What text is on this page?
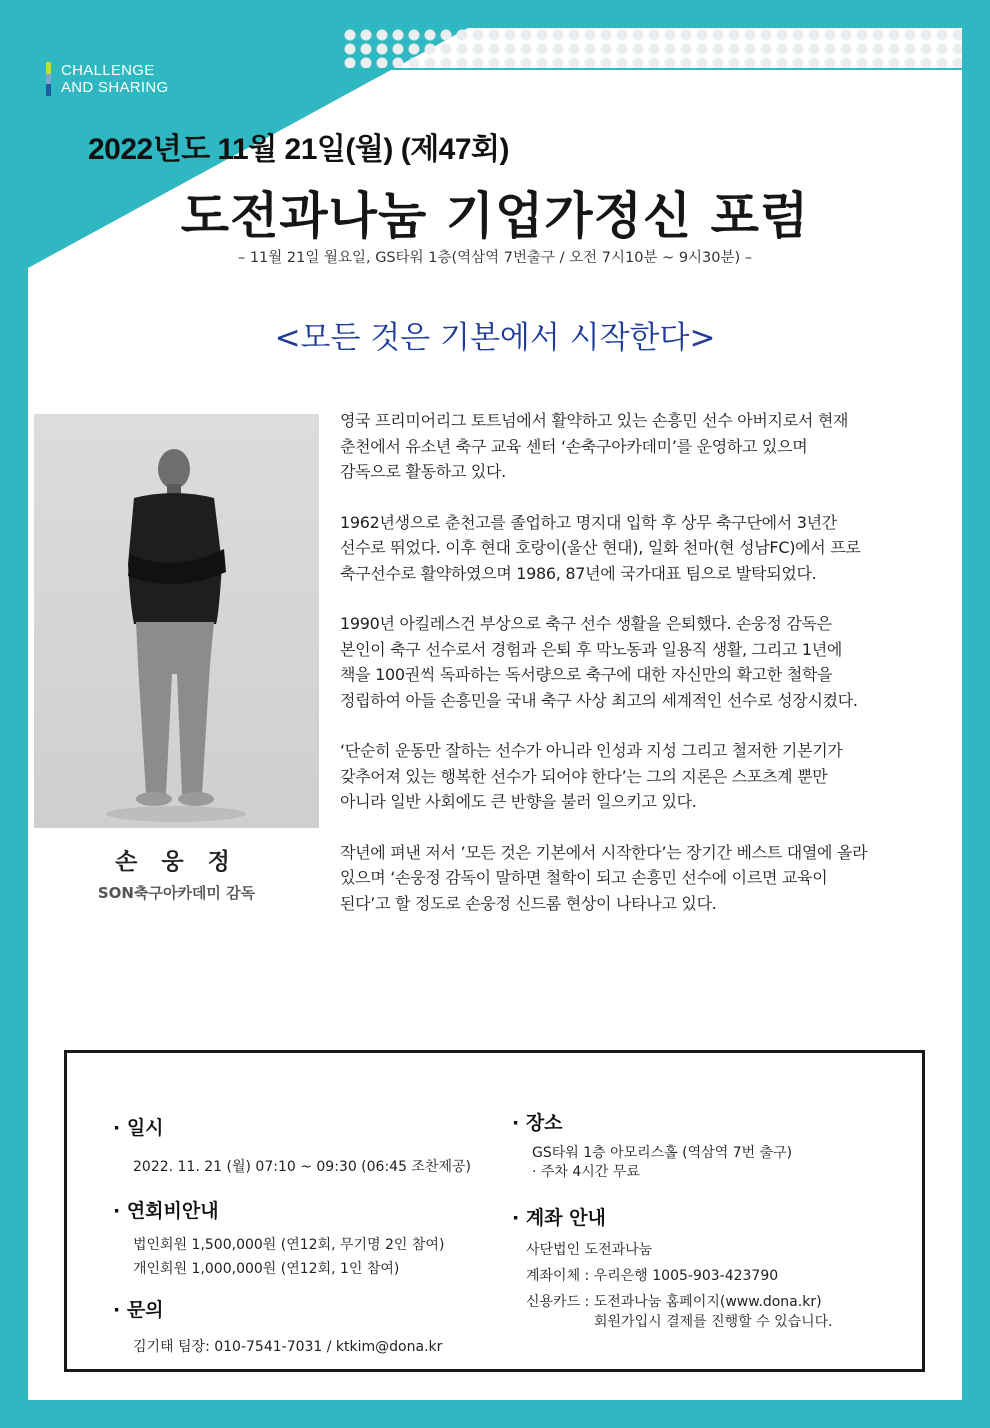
CHALLENGE
AND SHARING
2022년도 11월 21일(월) (제47회)
도전과나눔 기업가정신 포럼
– 11월 21일 월요일, GS타워 1층(역삼역 7번출구 / 오전 7시10분 ~ 9시30분) –
<모든 것은 기본에서 시작한다>
손 웅 정
SON축구아카데미 감독

영국 프리미어리그 토트넘에서 활약하고 있는 손흥민 선수 아버지로서 현재
춘천에서 유소년 축구 교육 센터 ‘손축구아카데미’를 운영하고 있으며
감독으로 활동하고 있다.

1962년생으로 춘천고를 졸업하고 명지대 입학 후 상무 축구단에서 3년간
선수로 뛰었다. 이후 현대 호랑이(울산 현대), 일화 천마(현 성남FC)에서 프로
축구선수로 활약하였으며 1986, 87년에 국가대표 팀으로 발탁되었다.

1990년 아킬레스건 부상으로 축구 선수 생활을 은퇴했다. 손웅정 감독은
본인이 축구 선수로서 경험과 은퇴 후 막노동과 일용직 생활, 그리고 1년에
책을 100권씩 독파하는 독서량으로 축구에 대한 자신만의 확고한 철학을
정립하여 아들 손흥민을 국내 축구 사상 최고의 세계적인 선수로 성장시켰다.

‘단순히 운동만 잘하는 선수가 아니라 인성과 지성 그리고 철저한 기본기가
갖추어져 있는 행복한 선수가 되어야 한다’는 그의 지론은 스포츠계 뿐만
아니라 일반 사회에도 큰 반향을 불러 일으키고 있다.

작년에 펴낸 저서 ’모든 것은 기본에서 시작한다’는 장기간 베스트 대열에 올라
있으며 ‘손웅정 감독이 말하면 철학이 되고 손흥민 선수에 이르면 교육이
된다’고 할 정도로 손웅정 신드롬 현상이 나타나고 있다.

· 일시
2022. 11. 21 (월) 07:10 ~ 09:30 (06:45 조찬제공)
· 연회비안내
법인회원 1,500,000원 (연12회, 무기명 2인 참여)
개인회원 1,000,000원 (연12회, 1인 참여)
· 문의
김기태 팀장: 010-7541-7031 / ktkim@dona.kr
· 장소
GS타워 1층 아모리스홀 (역삼역 7번 출구)
· 주차 4시간 무료
· 계좌 안내
사단법인 도전과나눔
계좌이체 : 우리은행 1005-903-423790
신용카드 : 도전과나눔 홈페이지(www.dona.kr)
회원가입시 결제를 진행할 수 있습니다.
